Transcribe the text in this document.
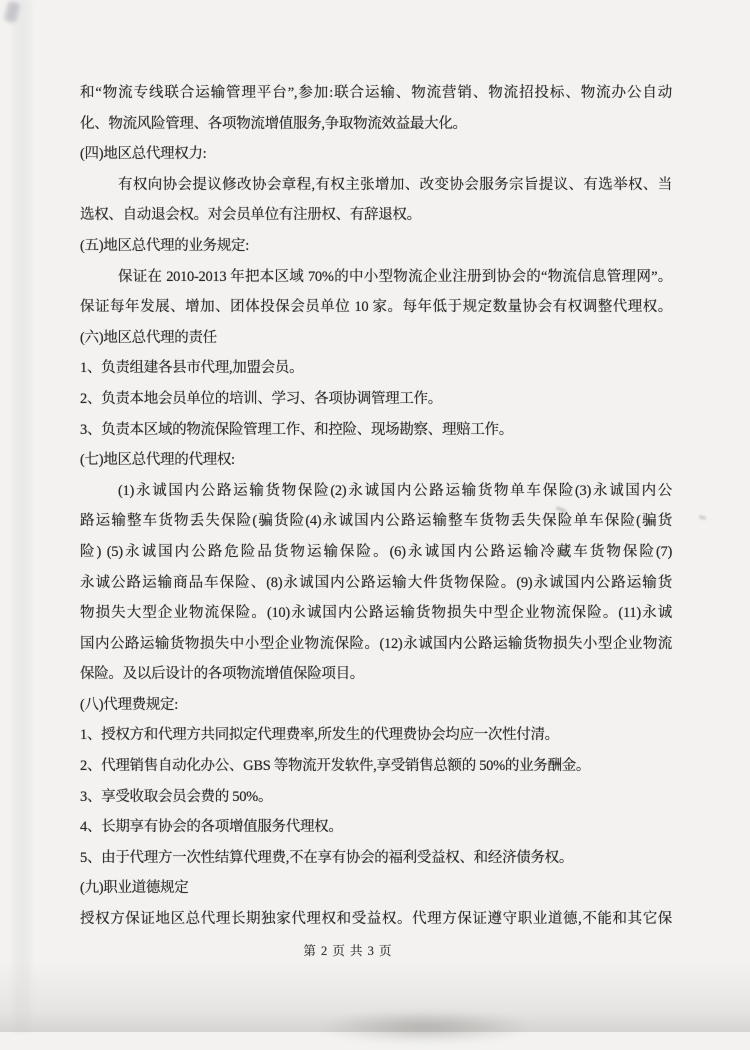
和“物流专线联合运输管理平台”,参加:联合运输、物流营销、物流招投标、物流办公自动
化、物流风险管理、各项物流增值服务,争取物流效益最大化。
(四)地区总代理权力:
有权向协会提议修改协会章程,有权主张增加、改变协会服务宗旨提议、有选举权、当
选权、自动退会权。对会员单位有注册权、有辞退权。
(五)地区总代理的业务规定:
保证在 2010-2013 年把本区域 70%的中小型物流企业注册到协会的“物流信息管理网”。
保证每年发展、增加、团体投保会员单位 10 家。每年低于规定数量协会有权调整代理权。
(六)地区总代理的责任
1、负责组建各县市代理,加盟会员。
2、负责本地会员单位的培训、学习、各项协调管理工作。
3、负责本区域的物流保险管理工作、和控险、现场勘察、理赔工作。
(七)地区总代理的代理权:
(1)永诚国内公路运输货物保险(2)永诚国内公路运输货物单车保险(3)永诚国内公
路运输整车货物丢失保险(骗货险(4)永诚国内公路运输整车货物丢失保险单车保险(骗货
险) (5)永诚国内公路危险品货物运输保险。(6)永诚国内公路运输冷藏车货物保险(7)
永诚公路运输商品车保险、(8)永诚国内公路运输大件货物保险。(9)永诚国内公路运输货
物损失大型企业物流保险。(10)永诚国内公路运输货物损失中型企业物流保险。(11)永诚
国内公路运输货物损失中小型企业物流保险。(12)永诚国内公路运输货物损失小型企业物流
保险。及以后设计的各项物流增值保险项目。
(八)代理费规定:
1、授权方和代理方共同拟定代理费率,所发生的代理费协会均应一次性付清。
2、代理销售自动化办公、GBS 等物流开发软件,享受销售总额的 50%的业务酬金。
3、享受收取会员会费的 50%。
4、长期享有协会的各项增值服务代理权。
5、由于代理方一次性结算代理费,不在享有协会的福利受益权、和经济债务权。
(九)职业道德规定
授权方保证地区总代理长期独家代理权和受益权。代理方保证遵守职业道德,不能和其它保
第 2 页 共 3 页
